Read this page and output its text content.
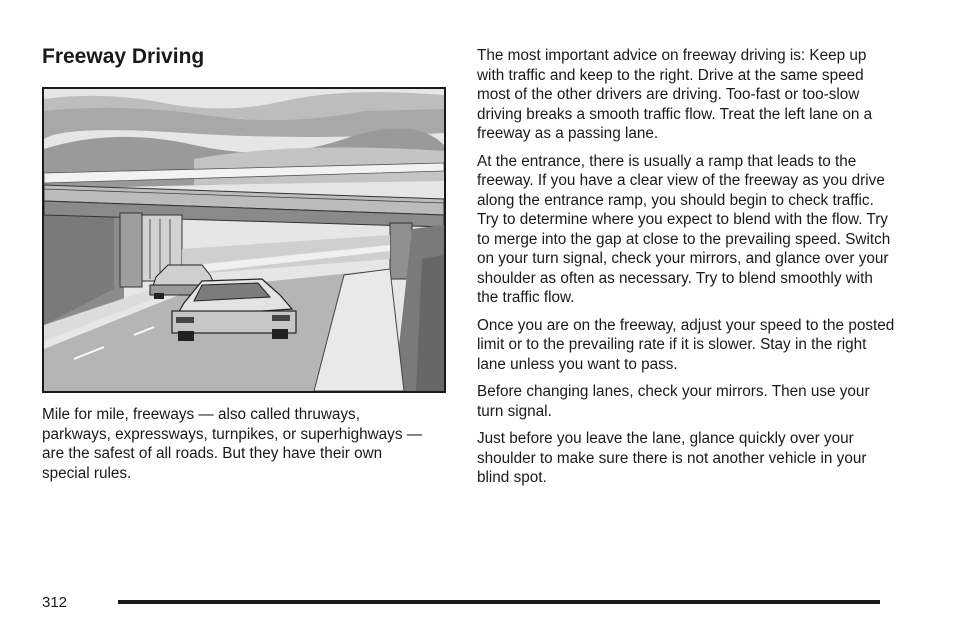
Freeway Driving

Mile for mile, freeways — also called thruways, parkways, expressways, turnpikes, or superhighways — are the safest of all roads. But they have their own special rules.

The most important advice on freeway driving is: Keep up with traffic and keep to the right. Drive at the same speed most of the other drivers are driving. Too-fast or too-slow driving breaks a smooth traffic flow. Treat the left lane on a freeway as a passing lane.

At the entrance, there is usually a ramp that leads to the freeway. If you have a clear view of the freeway as you drive along the entrance ramp, you should begin to check traffic. Try to determine where you expect to blend with the flow. Try to merge into the gap at close to the prevailing speed. Switch on your turn signal, check your mirrors, and glance over your shoulder as often as necessary. Try to blend smoothly with the traffic flow.

Once you are on the freeway, adjust your speed to the posted limit or to the prevailing rate if it is slower. Stay in the right lane unless you want to pass.

Before changing lanes, check your mirrors. Then use your turn signal.

Just before you leave the lane, glance quickly over your shoulder to make sure there is not another vehicle in your blind spot.

312
